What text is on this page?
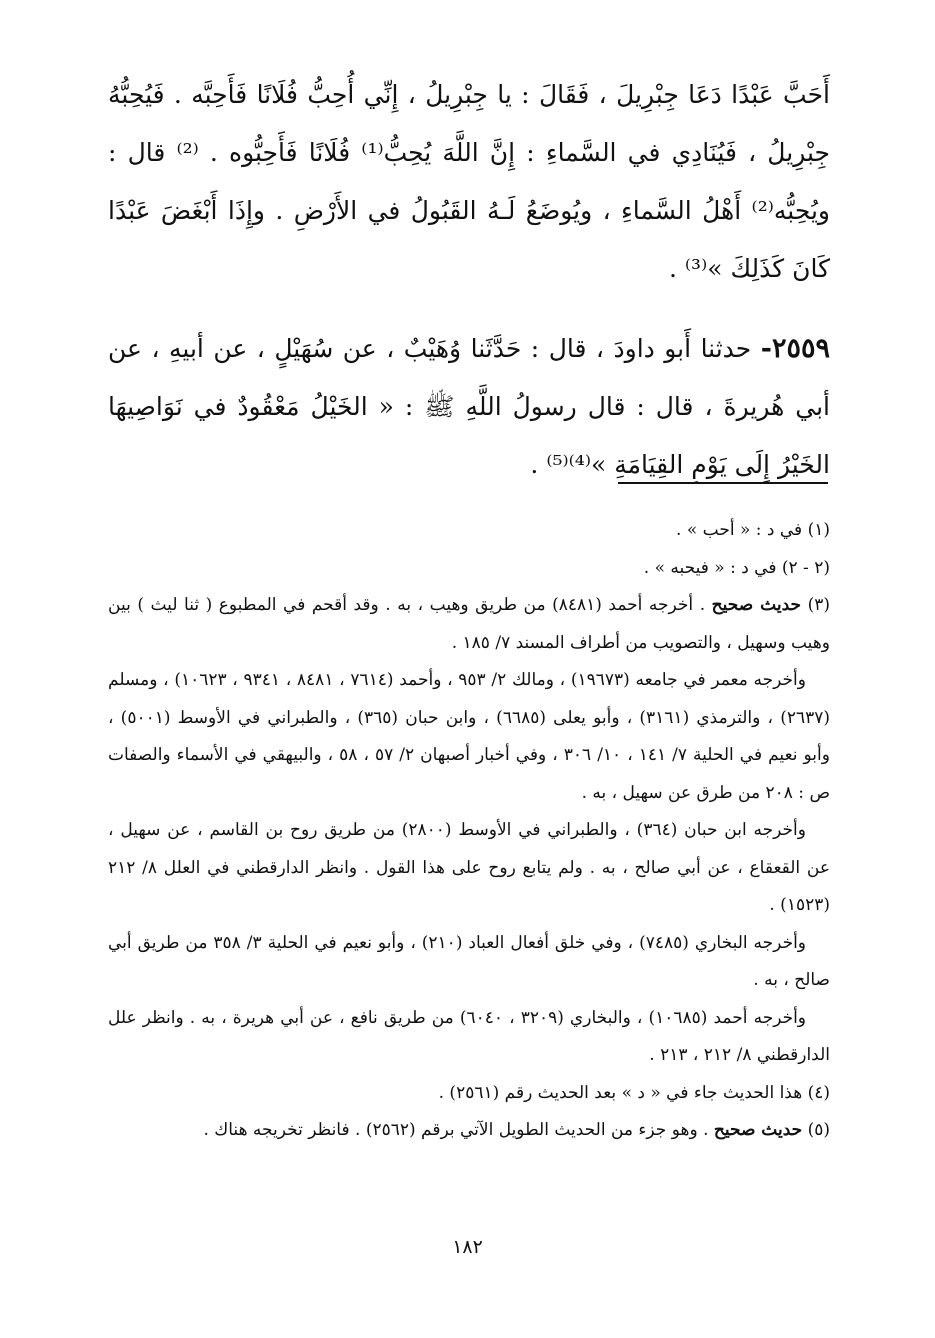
أَحَبَّ عَبْدًا دَعَا جِبْرِيلَ ، فَقَالَ : يا جِبْرِيلُ ، إِنِّي أُحِبُّ فُلَانًا فَأَحِبَّه . فَيُحِبُّهُ جِبْرِيلُ ، فَيُنَادِي في السَّماءِ : إِنَّ اللَّهَ يُحِبُّ⁽¹⁾ فُلَانًا فَأَحِبُّوه . ⁽²⁾ قال : ويُحِبُّه⁽²⁾ أَهْلُ السَّماءِ ، ويُوضَعُ لَـهُ القَبُولُ في الأَرْضِ . وإِذَا أَبْغَضَ عَبْدًا كَانَ كَذَلِكَ »⁽³⁾ .

٢٥٥٩- حدثنا أَبو داودَ ، قال : حَدَّثَنا وُهَيْبٌ ، عن سُهَيْلٍ ، عن أبيهِ ، عن أبي هُريرةَ ، قال : قال رسولُ اللَّهِ ﷺ : « الخَيْلُ مَعْقُودٌ في نَوَاصِيهَا الخَيْرُ إِلَى يَوْمِ القِيَامَةِ »⁽⁴⁾⁽⁵⁾ .

(١) في د : « أحب » .

(٢ - ٢) في د : « فيحبه » .

(٣) حديث صحيح . أخرجه أحمد (٨٤٨١) من طريق وهيب ، به . وقد أقحم في المطبوع ( ثنا ليث ) بين وهيب وسهيل ، والتصويب من أطراف المسند ٧/ ١٨٥ .

وأخرجه معمر في جامعه (١٩٦٧٣) ، ومالك ٢/ ٩٥٣ ، وأحمد (٧٦١٤ ، ٨٤٨١ ، ٩٣٤١ ، ١٠٦٢٣) ، ومسلم (٢٦٣٧) ، والترمذي (٣١٦١) ، وأبو يعلى (٦٦٨٥) ، وابن حبان (٣٦٥) ، والطبراني في الأوسط (٥٠٠١) ، وأبو نعيم في الحلية ٧/ ١٤١ ، ١٠/ ٣٠٦ ، وفي أخبار أصبهان ٢/ ٥٧ ، ٥٨ ، والبيهقي في الأسماء والصفات ص : ٢٠٨ من طرق عن سهيل ، به .

وأخرجه ابن حبان (٣٦٤) ، والطبراني في الأوسط (٢٨٠٠) من طريق روح بن القاسم ، عن سهيل ، عن القعقاع ، عن أبي صالح ، به . ولم يتابع روح على هذا القول . وانظر الدارقطني في العلل ٨/ ٢١٢ (١٥٢٣) .

وأخرجه البخاري (٧٤٨٥) ، وفي خلق أفعال العباد (٢١٠) ، وأبو نعيم في الحلية ٣/ ٣٥٨ من طريق أبي صالح ، به .

وأخرجه أحمد (١٠٦٨٥) ، والبخاري (٣٢٠٩ ، ٦٠٤٠) من طريق نافع ، عن أبي هريرة ، به . وانظر علل الدارقطني ٨/ ٢١٢ ، ٢١٣ .

(٤) هذا الحديث جاء في « د » بعد الحديث رقم (٢٥٦١) .

(٥) حديث صحيح . وهو جزء من الحديث الطويل الآتي برقم (٢٥٦٢) . فانظر تخريجه هناك .

١٨٢
